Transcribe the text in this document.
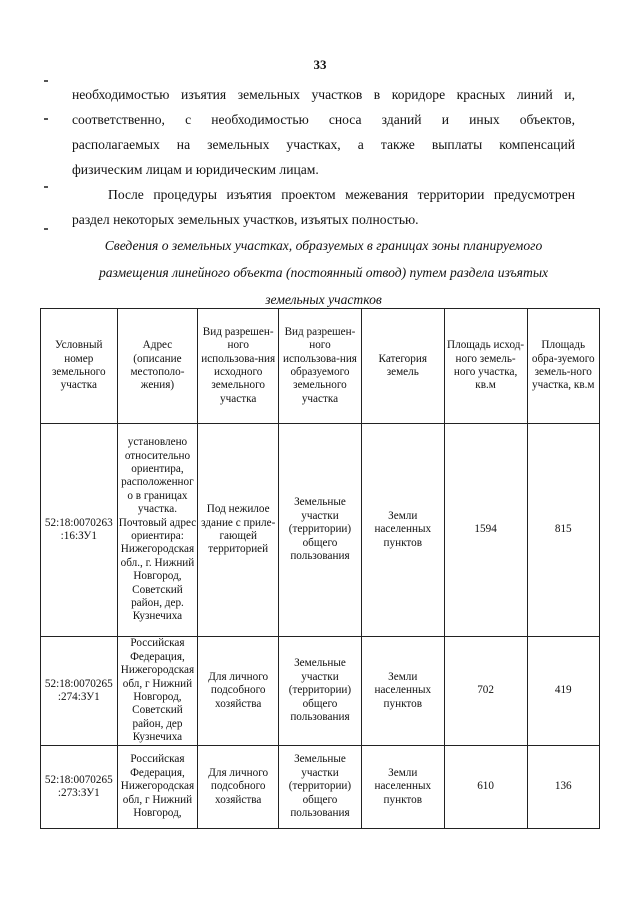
33

необходимостью изъятия земельных участков в коридоре красных линий и,

соответственно, с необходимостью сноса зданий и иных объектов,

располагаемых на земельных участках, а также выплаты компенсаций

физическим лицам и юридическим лицам.

После процедуры изъятия проектом межевания территории предусмотрен раздел некоторых земельных участков, изъятых полностью.

Сведения о земельных участках, образуемых в границах зоны планируемого

размещения линейного объекта (постоянный отвод) путем раздела изъятых

земельных участков

Условный номер земельного участка	Адрес (описание местополо-жения)	Вид разрешен-ного использова-ния исходного земельного участка	Вид разрешен-ного использова-ния образуемого земельного участка	Категория земель	Площадь исход-ного земель-ного участка, кв.м	Площадь обра-зуемого земель-ного участка, кв.м
52:18:0070263 :16:ЗУ1	установлено относительно ориентира, расположенног о в границах участка. Почтовый адрес ориентира: Нижегородская обл., г. Нижний Новгород, Советский район, дер. Кузнечиха	Под нежилое здание с приле-гающей территорией	Земельные участки (территории) общего пользования	Земли населенных пунктов	1594	815
52:18:0070265 :274:ЗУ1	Российская Федерация, Нижегородская обл, г Нижний Новгород, Советский район, дер Кузнечиха	Для личного подсобного хозяйства	Земельные участки (территории) общего пользования	Земли населенных пунктов	702	419
52:18:0070265 :273:ЗУ1	Российская Федерация, Нижегородская обл, г Нижний Новгород,	Для личного подсобного хозяйства	Земельные участки (территории) общего пользования	Земли населенных пунктов	610	136
